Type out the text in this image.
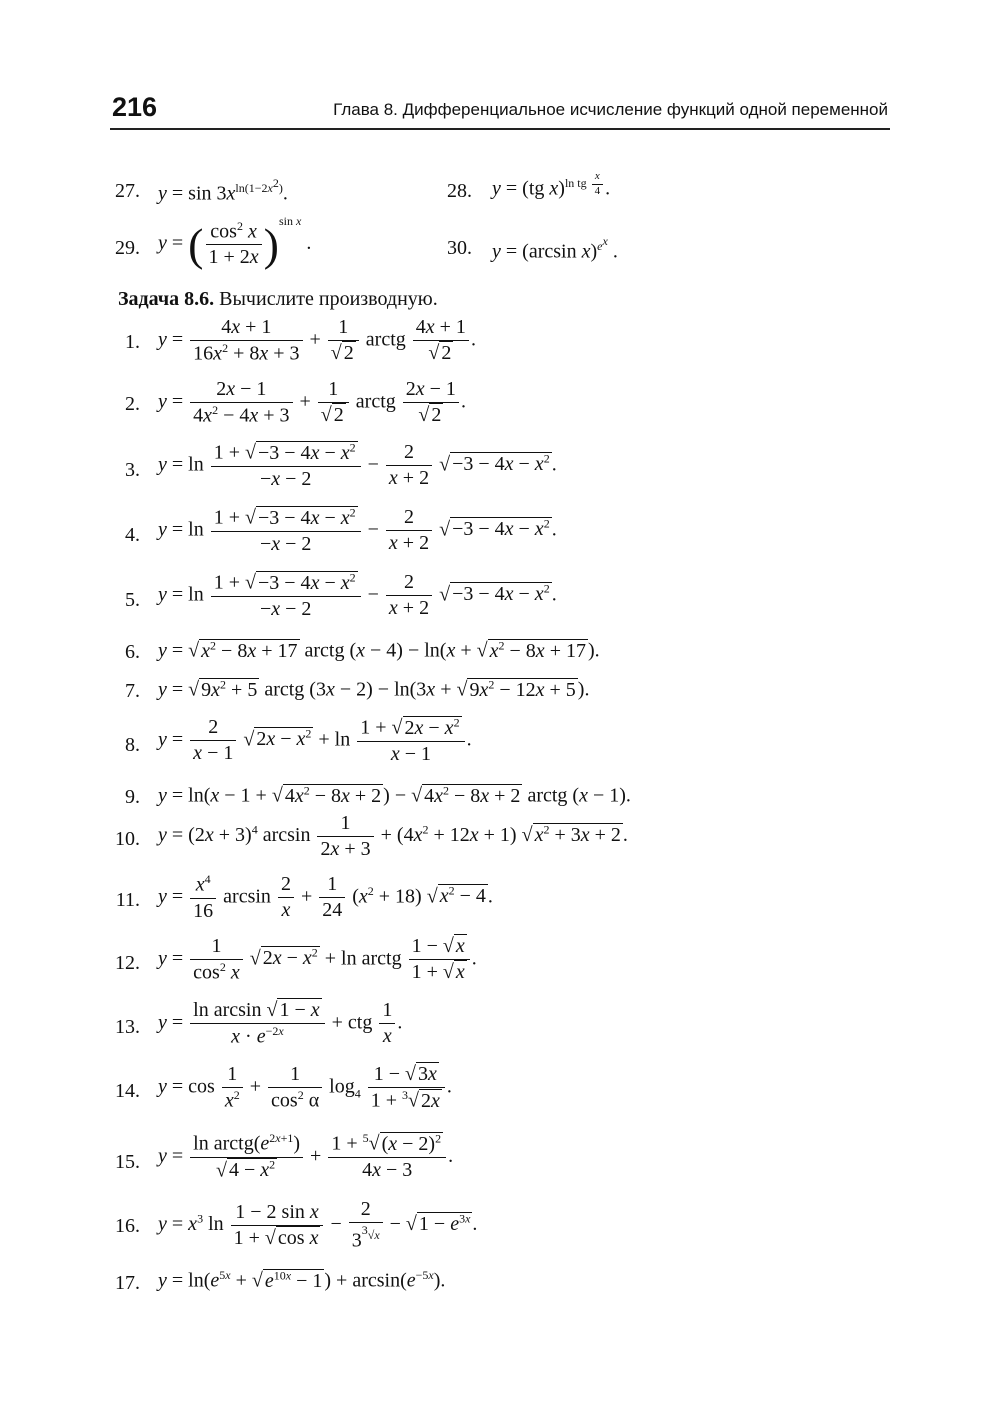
216	Глава 8. Дифференциальное исчисление функций одной переменной
27. $y = \sin 3x^{ln(1-2x^2)}$.	28. y = (tg x)$^{ln tg \frac{x}{4}}$ .
29. y = ( $\frac{\cos^2 x}{1 + 2x} )^{sin x}$ .	30. y = (arcsin x)$^{e^x}$ .
Задача 8.6. Вычислите производную.
1. $y = \frac{4x + 1}{16x^2 + 8x + 3} + \frac{1}{√ 2}$ arctg $\frac{4x + 1}{√ 2}$ .
2. $y = \frac{2x - 1}{4x^2 - 4x + 3} + \frac{1}{√ 2}$ arctg $\frac{2x - 1}{√ 2}$ .
3. $y = \ln \frac{1 + √ -3 - 4x - x^2}{-x - 2} - \frac{2}{x + 2}$ √ $-3 - 4x - x^2$ .
4. $y = \ln \frac{1 + √ -3 - 4x - x^2}{-x - 2} - \frac{2}{x + 2}$ √ $-3 - 4x - x^2$ .
5. $y = \ln \frac{1 + √ -3 - 4x - x^2}{-x - 2} - \frac{2}{x + 2}$ √ $-3 - 4x - x^2$ .
6. y = √ $x^2 - 8x + 17$ arctg (x − 4) − ln(x + √ $x^2 - 8x + 17$ ).
7. y = √ $9x^2 + 5$ arctg (3x − 2) − ln(3x + √ $9x^2 - 12x + 5$ ).
8. $y = \frac{2}{x - 1}$ √ $2x - x^2 + \ln \frac{1 + √ 2x - x^2}{x - 1}$ .
9. y = ln(x − 1 + √ $4x^2 - 8x + 2$ ) − √ $4x^2 - 8x + 2$ arctg (x − 1).
10. $y = (2x + 3)^4$ $\arcsin \frac{1}{2x + 3} + (4x^2 + 12x + 1)$ √ $x^2 + 3x + 2$ .
11. $y = \frac{x^4}{16}$ $\arcsin \frac{2}{x} + \frac{1}{24} (x^2 + 18)$ √ $x^2 - 4$ .
12. $y = \frac{1}{\cos^2 x}$ √ $2x - x^2 + \ln$ arctg $\frac{1 - √ x}{1 + √ x}$ .
13. $y = \frac{\text{ln arcsin √ 1 − x}}{x \cdot e^{-2x}}$ + ctg $\frac{1}{x}$ .
14. $y = \cos \frac{1}{x^2} + \frac{1}{\cos^2 \alpha} \log_4 \frac{1 - √ 3x}{1 + ^3√ 2x}$ .
15. $y = \frac{\ln arctg(e^{2x+1})}{√ 4 - x^2} + \frac{1 + ^5√ (x - 2)^2}{4x - 3}$ .
16. $y = x^3$ $\ln \frac{\text{1 − 2 sin x}}{\text{1 + √ cos x}} - \frac{2}{3^{^3√x}}$ − √ $1 - e^{3x}$ .
17. $y = \ln(e^{5x}$ + √ $e^{10x} - 1$ ) + $\arcsin(e^{-5x})$.
